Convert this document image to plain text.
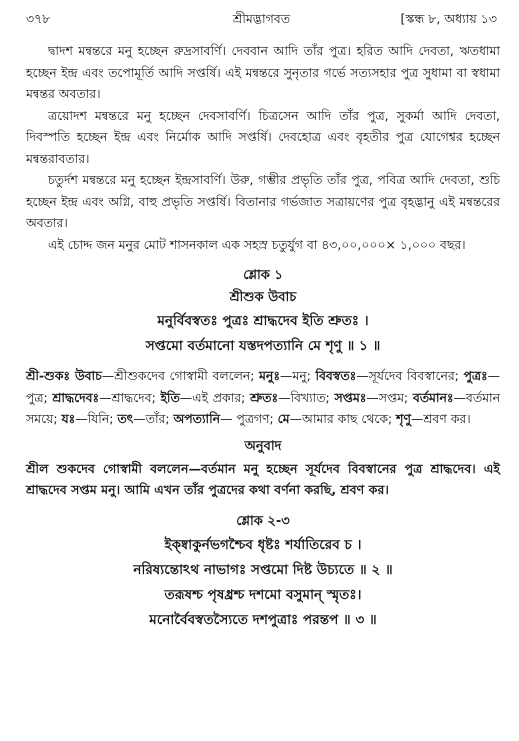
৩৭৮	শ্রীমদ্ভাগবত	[স্কন্ধ ৮, অধ্যায় ১৩

দ্বাদশ মন্বন্তরে মনু হচ্ছেন রুদ্রসাবর্ণি। দেববান আদি তাঁর পুত্র। হরিত আদি দেবতা, ঋতধামা হচ্ছেন ইন্দ্র এবং তপোমূর্তি আদি সপ্তর্ষি। এই মন্বন্তরে সুনৃতার গর্ভে সত্যসহার পুত্র সুধামা বা স্বধামা মন্বন্তর অবতার।

ত্রয়োদশ মন্বন্তরে মনু হচ্ছেন দেবসাবর্ণি। চিত্রসেন আদি তাঁর পুত্র, সুকর্মা আদি দেবতা, দিবস্পতি হচ্ছেন ইন্দ্র এবং নির্মোক আদি সপ্তর্ষি। দেবহোত্র এবং বৃহতীর পুত্র যোগেশ্বর হচ্ছেন মন্বন্তরাবতার।

চতুর্দশ মন্বন্তরে মনু হচ্ছেন ইন্দ্রসাবর্ণি। উরু, গম্ভীর প্রভৃতি তাঁর পুত্র, পবিত্র আদি দেবতা, শুচি হচ্ছেন ইন্দ্র এবং অগ্নি, বাহু প্রভৃতি সপ্তর্ষি। বিতানার গর্ভজাত সত্রায়ণের পুত্র বৃহদ্ভানু এই মন্বন্তরের অবতার।

এই চোদ্দ জন মনুর মোট শাসনকাল এক সহস্র চতুর্যুগ বা ৪৩,০০,০০০× ১,০০০ বছর।

শ্লোক ১
শ্রীশুক উবাচ
মনুর্বিবস্বতঃ পুত্রঃ শ্রাদ্ধদেব ইতি শ্রুতঃ ।
সপ্তমো বর্তমানো যস্তদপত্যানি মে শৃণু ॥ ১ ॥

শ্রী-শুকঃ উবাচ—শ্রীশুকদেব গোস্বামী বললেন; মনুঃ—মনু; বিবস্বতঃ—সূর্যদেব বিবস্বানের; পুত্রঃ—পুত্র; শ্রাদ্ধদেবঃ—শ্রাদ্ধদেব; ইতি—এই প্রকার; শ্রুতঃ—বিখ্যাত; সপ্তমঃ—সপ্তম; বর্তমানঃ—বর্তমান সময়ে; যঃ—যিনি; তৎ—তাঁর; অপত্যানি— পুত্রগণ; মে—আমার কাছ থেকে; শৃণু—শ্রবণ কর।

অনুবাদ

শ্রীল শুকদেব গোস্বামী বললেন—বর্তমান মনু হচ্ছেন সূর্যদেব বিবস্বানের পুত্র শ্রাদ্ধদেব। এই শ্রাদ্ধদেব সপ্তম মনু। আমি এখন তাঁর পুত্রদের কথা বর্ণনা করছি, শ্রবণ কর।

শ্লোক ২-৩
ইক্ষ্বাকুর্নভগশ্চৈব ধৃষ্টঃ শর্যাতিরেব চ ।
নরিষ্যন্তোঽথ নাভাগঃ সপ্তমো দিষ্ট উচ্যতে ॥ ২ ॥
তরূষশ্চ পৃষধ্রশ্চ দশমো বসুমান্‌ স্মৃতঃ।
মনোর্বৈবস্বতস্যৈতে দশপুত্রাঃ পরন্তপ ॥ ৩ ॥
